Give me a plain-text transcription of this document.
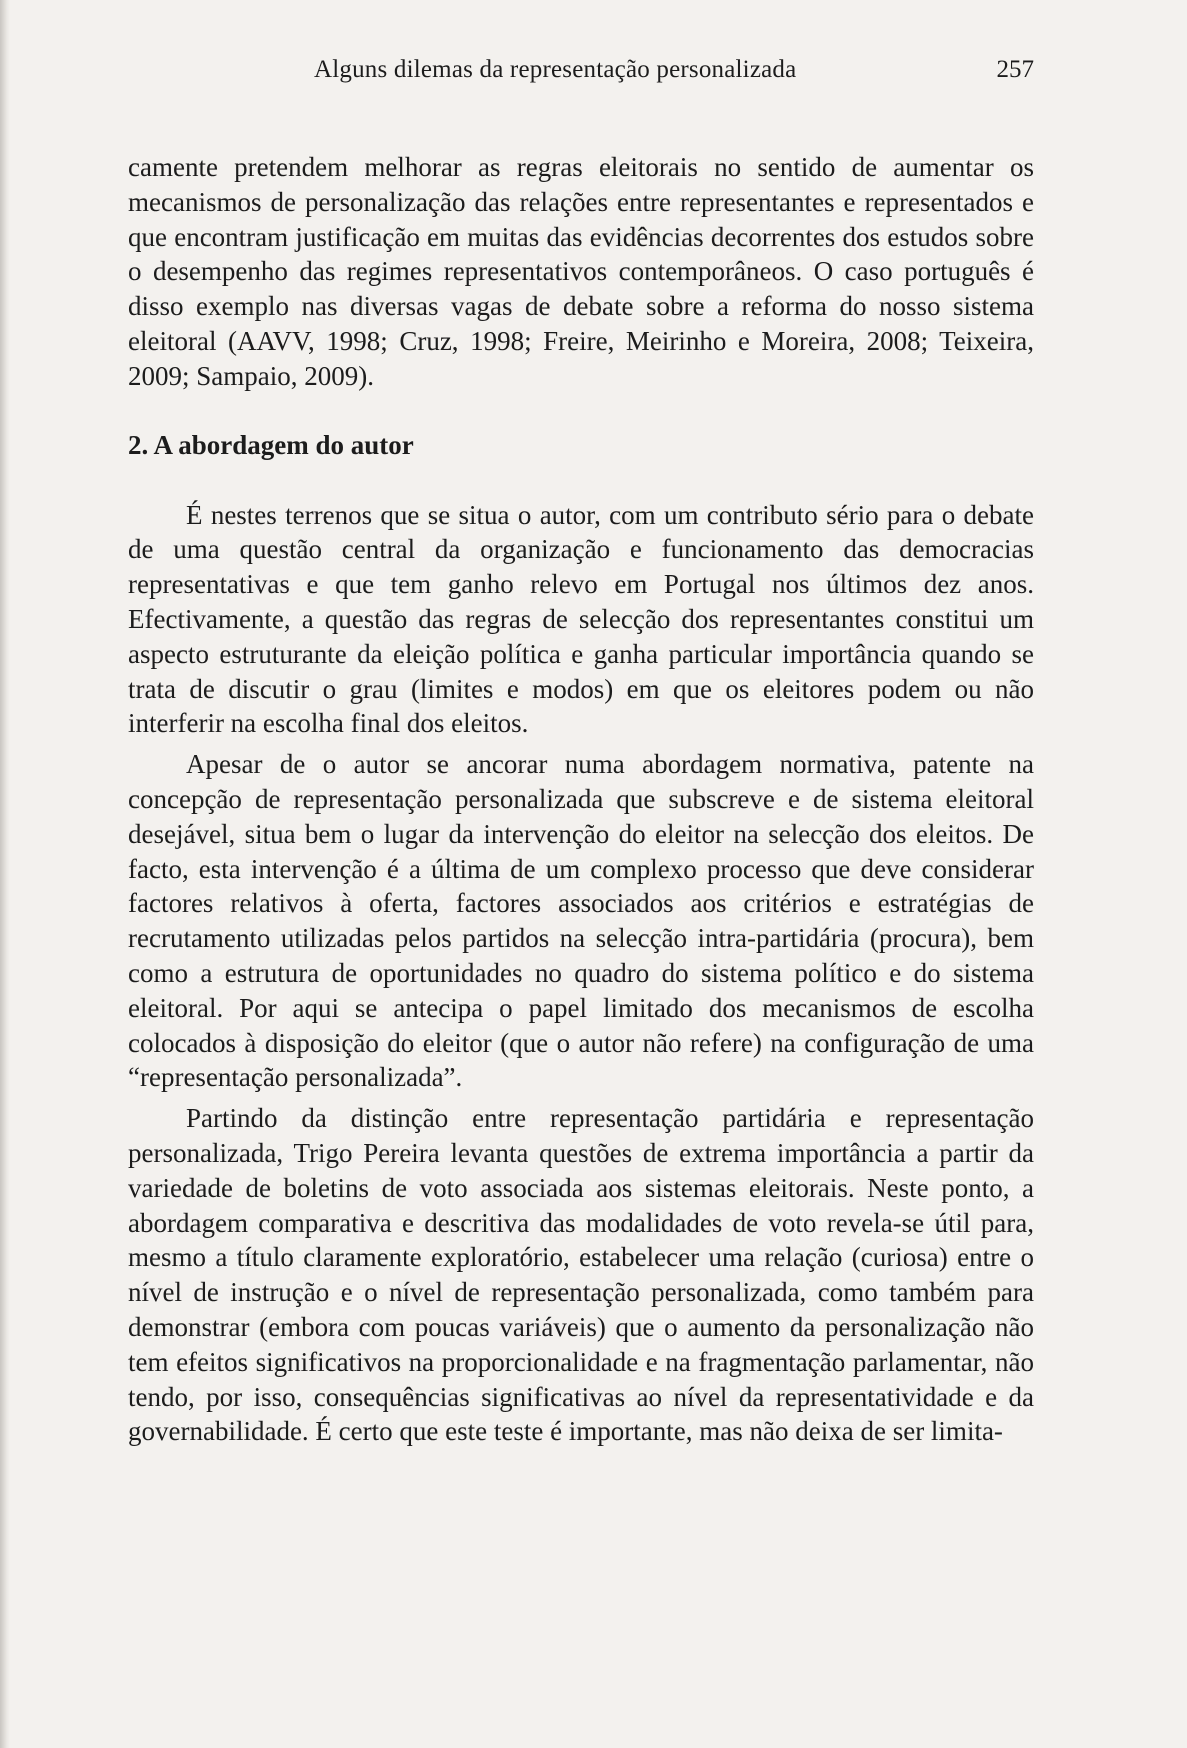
Alguns dilemas da representação personalizada	257

camente pretendem melhorar as regras eleitorais no sentido de aumentar os mecanismos de personalização das relações entre representantes e representados e que encontram justificação em muitas das evidências decorrentes dos estudos sobre o desempenho das regimes representativos contemporâneos. O caso português é disso exemplo nas diversas vagas de debate sobre a reforma do nosso sistema eleitoral (AAVV, 1998; Cruz, 1998; Freire, Meirinho e Moreira, 2008; Teixeira, 2009; Sampaio, 2009).

2. A abordagem do autor

É nestes terrenos que se situa o autor, com um contributo sério para o debate de uma questão central da organização e funcionamento das democracias representativas e que tem ganho relevo em Portugal nos últimos dez anos. Efectivamente, a questão das regras de selecção dos representantes constitui um aspecto estruturante da eleição política e ganha particular importância quando se trata de discutir o grau (limites e modos) em que os eleitores podem ou não interferir na escolha final dos eleitos.

Apesar de o autor se ancorar numa abordagem normativa, patente na concepção de representação personalizada que subscreve e de sistema eleitoral desejável, situa bem o lugar da intervenção do eleitor na selecção dos eleitos. De facto, esta intervenção é a última de um complexo processo que deve considerar factores relativos à oferta, factores associados aos critérios e estratégias de recrutamento utilizadas pelos partidos na selecção intra-partidária (procura), bem como a estrutura de oportunidades no quadro do sistema político e do sistema eleitoral. Por aqui se antecipa o papel limitado dos mecanismos de escolha colocados à disposição do eleitor (que o autor não refere) na configuração de uma “representação personalizada”.

Partindo da distinção entre representação partidária e representação personalizada, Trigo Pereira levanta questões de extrema importância a partir da variedade de boletins de voto associada aos sistemas eleitorais. Neste ponto, a abordagem comparativa e descritiva das modalidades de voto revela-se útil para, mesmo a título claramente exploratório, estabelecer uma relação (curiosa) entre o nível de instrução e o nível de representação personalizada, como também para demonstrar (embora com poucas variáveis) que o aumento da personalização não tem efeitos significativos na proporcionalidade e na fragmentação parlamentar, não tendo, por isso, consequências significativas ao nível da representatividade e da governabilidade. É certo que este teste é importante, mas não deixa de ser limita-
